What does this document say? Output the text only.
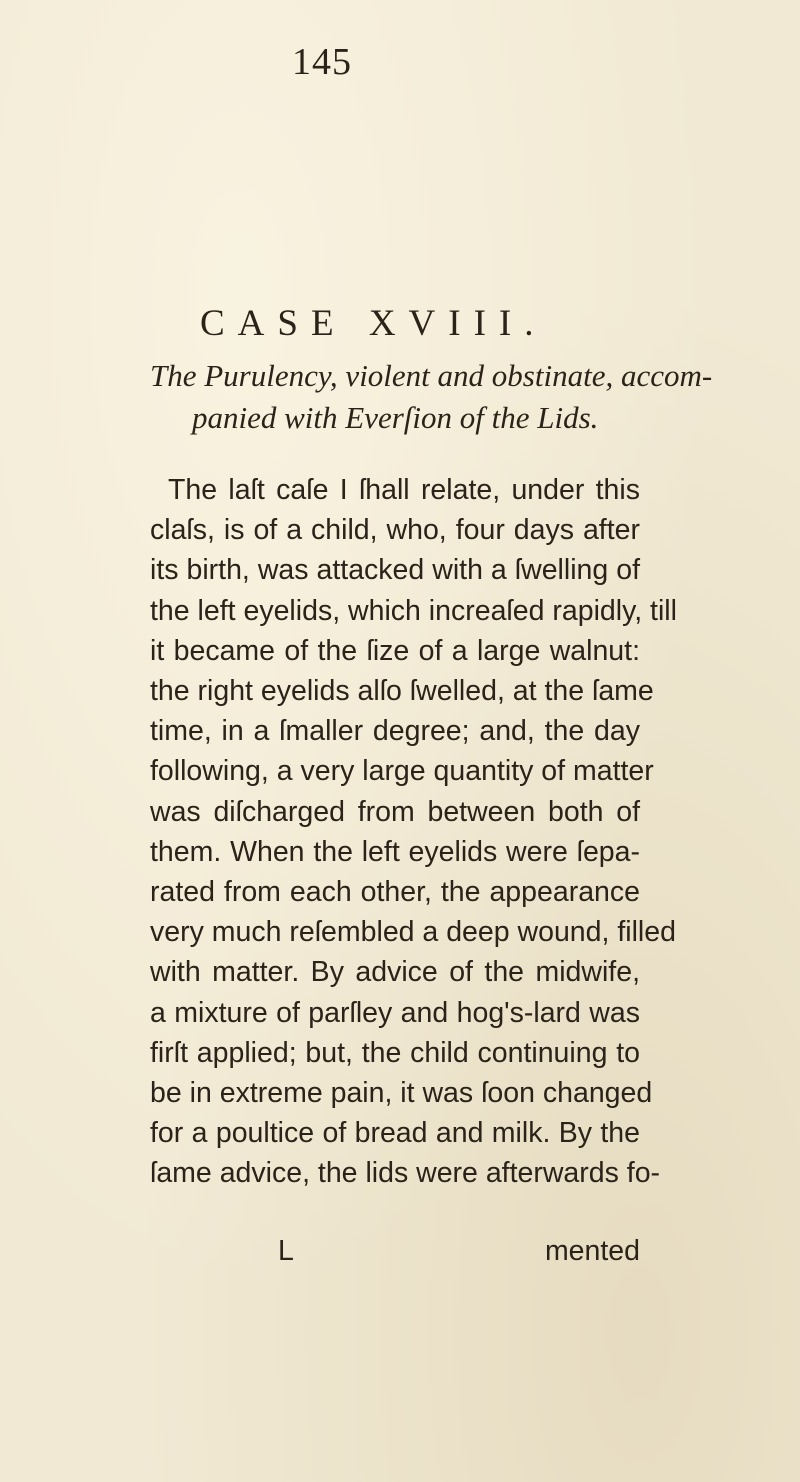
145
CASE XVIII.
The Purulency, violent and obstinate, accom-
panied with Everſion of the Lids.
The laſt caſe I ſhall relate, under this
claſs, is of a child, who, four days after
its birth, was attacked with a ſwelling of
the left eyelids, which increaſed rapidly, till
it became of the ſize of a large walnut:
the right eyelids alſo ſwelled, at the ſame
time, in a ſmaller degree; and, the day
following, a very large quantity of matter
was diſcharged from between both of
them. When the left eyelids were ſepa-
rated from each other, the appearance
very much reſembled a deep wound, filled
with matter. By advice of the midwife,
a mixture of parſley and hog's-lard was
firſt applied; but, the child continuing to
be in extreme pain, it was ſoon changed
for a poultice of bread and milk. By the
ſame advice, the lids were afterwards fo-
L	mented
